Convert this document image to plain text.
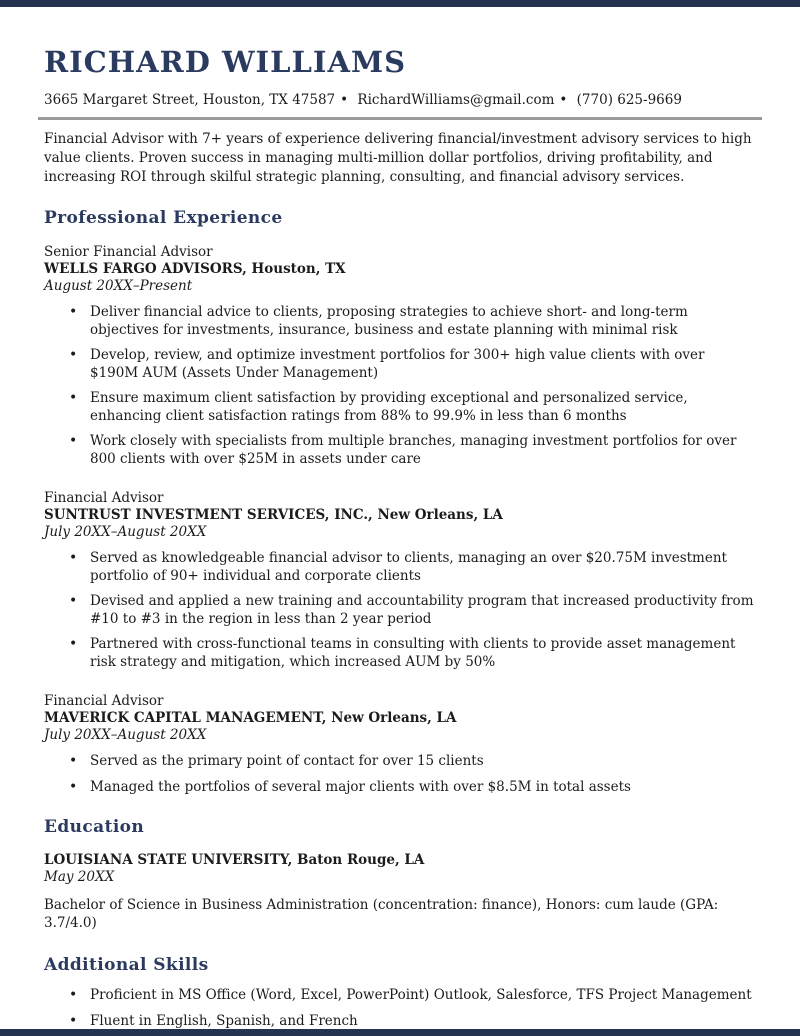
RICHARD WILLIAMS
3665 Margaret Street, Houston, TX 47587 • RichardWilliams@gmail.com • (770) 625-9669

Financial Advisor with 7+ years of experience delivering financial/investment advisory services to high value clients. Proven success in managing multi-million dollar portfolios, driving profitability, and increasing ROI through skilful strategic planning, consulting, and financial advisory services.

Professional Experience
Senior Financial Advisor
WELLS FARGO ADVISORS, Houston, TX
August 20XX–Present
• Deliver financial advice to clients, proposing strategies to achieve short- and long-term objectives for investments, insurance, business and estate planning with minimal risk
• Develop, review, and optimize investment portfolios for 300+ high value clients with over $190M AUM (Assets Under Management)
• Ensure maximum client satisfaction by providing exceptional and personalized service, enhancing client satisfaction ratings from 88% to 99.9% in less than 6 months
• Work closely with specialists from multiple branches, managing investment portfolios for over 800 clients with over $25M in assets under care
Financial Advisor
SUNTRUST INVESTMENT SERVICES, INC., New Orleans, LA
July 20XX–August 20XX
• Served as knowledgeable financial advisor to clients, managing an over $20.75M investment portfolio of 90+ individual and corporate clients
• Devised and applied a new training and accountability program that increased productivity from #10 to #3 in the region in less than 2 year period
• Partnered with cross-functional teams in consulting with clients to provide asset management risk strategy and mitigation, which increased AUM by 50%
Financial Advisor
MAVERICK CAPITAL MANAGEMENT, New Orleans, LA
July 20XX–August 20XX
• Served as the primary point of contact for over 15 clients
• Managed the portfolios of several major clients with over $8.5M in total assets
Education
LOUISIANA STATE UNIVERSITY, Baton Rouge, LA
May 20XX

Bachelor of Science in Business Administration (concentration: finance), Honors: cum laude (GPA: 3.7/4.0)

Additional Skills
• Proficient in MS Office (Word, Excel, PowerPoint) Outlook, Salesforce, TFS Project Management
• Fluent in English, Spanish, and French
